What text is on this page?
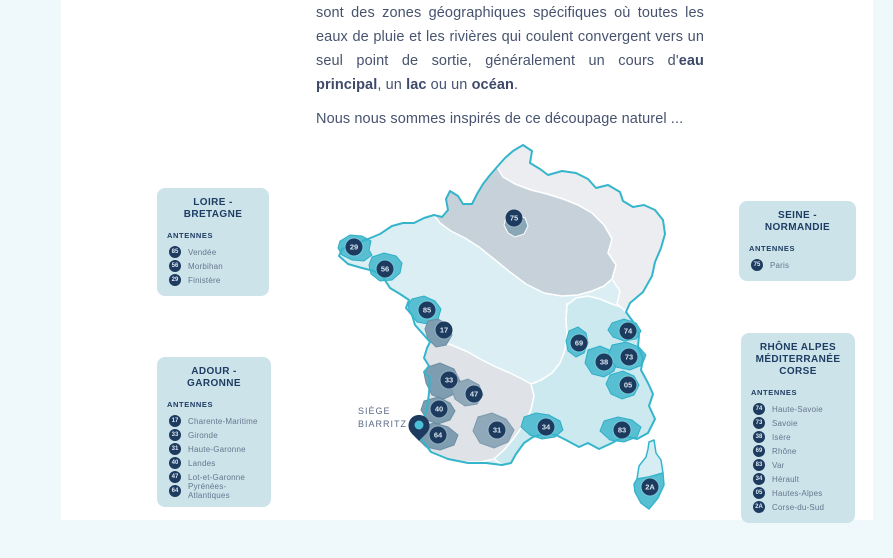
sont des zones géographiques spécifiques où toutes les eaux de pluie et les rivières qui coulent convergent vers un seul point de sortie, généralement un cours d'eau principal, un lac ou un océan.

Nous nous sommes inspirés de ce découpage naturel ...

75
29
56
85
17
33
47
40
64
31	34
69
38
74
73
05
83
2A
SIÈGE
BIARRITZ
LOIRE - BRETAGNE
ANTENNES
85	Vendée
56	Morbihan
29	Finistère
ADOUR - GARONNE
ANTENNES
17	Charente-Maritime
33	Gironde
31	Haute-Garonne
40	Landes
47	Lot-et-Garonne
64	Pyrénées-Atlantiques
SEINE - NORMANDIE
ANTENNES
75	Paris
RHÔNE ALPES MÉDITERRANÉE CORSE
ANTENNES
74	Haute-Savoie
73	Savoie
38	Isère
69	Rhône
83	Var
34	Hérault
05	Hautes-Alpes
2A Corse-du-Sud
